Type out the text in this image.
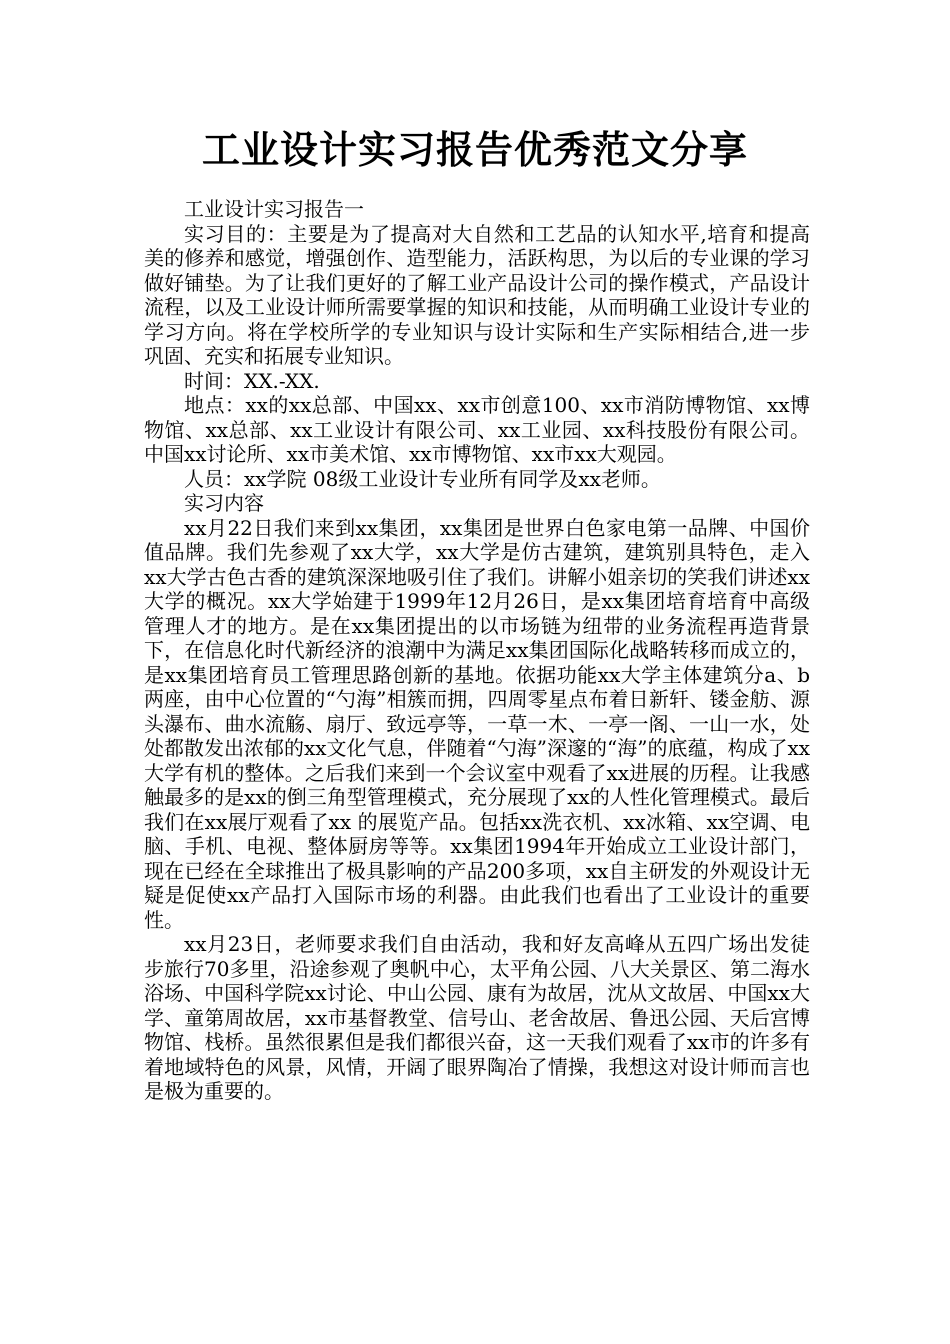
工业设计实习报告优秀范文分享

工业设计实习报告一

实习目的：主要是为了提高对大自然和工艺品的认知水平,培育和提高美的修养和感觉，增强创作、造型能力，活跃构思，为以后的专业课的学习做好铺垫。为了让我们更好的了解工业产品设计公司的操作模式，产品设计流程，以及工业设计师所需要掌握的知识和技能，从而明确工业设计专业的学习方向。将在学校所学的专业知识与设计实际和生产实际相结合,进一步巩固、充实和拓展专业知识。

时间：XX.-XX.

地点：xx的xx总部、中国xx、xx市创意100、xx市消防博物馆、xx博物馆、xx总部、xx工业设计有限公司、xx工业园、xx科技股份有限公司。中国xx讨论所、xx市美术馆、xx市博物馆、xx市xx大观园。

人员：xx学院 08级工业设计专业所有同学及xx老师。

实习内容

xx月22日我们来到xx集团，xx集团是世界白色家电第一品牌、中国价值品牌。我们先参观了xx大学，xx大学是仿古建筑，建筑别具特色，走入 xx大学古色古香的建筑深深地吸引住了我们。讲解小姐亲切的笑我们讲述xx大学的概况。xx大学始建于1999年12月26日，是xx集团培育培育中高级管理人才的地方。是在xx集团提出的以市场链为纽带的业务流程再造背景下，在信息化时代新经济的浪潮中为满足xx集团国际化战略转移而成立的，是xx集团培育员工管理思路创新的基地。依据功能xx大学主体建筑分a、b两座，由中心位置的“勺海”相簇而拥，四周零星点布着日新轩、镂金舫、源头瀑布、曲水流觞、扇厅、致远亭等，一草一木、一亭一阁、一山一水，处处都散发出浓郁的xx文化气息，伴随着“勺海”深邃的“海”的底蕴，构成了xx大学有机的整体。之后我们来到一个会议室中观看了xx进展的历程。让我感触最多的是xx的倒三角型管理模式，充分展现了xx的人性化管理模式。最后我们在xx展厅观看了xx 的展览产品。包括xx洗衣机、xx冰箱、xx空调、电脑、手机、电视、整体厨房等等。xx集团1994年开始成立工业设计部门，现在已经在全球推出了极具影响的产品200多项，xx自主研发的外观设计无疑是促使xx产品打入国际市场的利器。由此我们也看出了工业设计的重要性。

xx月23日，老师要求我们自由活动，我和好友高峰从五四广场出发徒步旅行70多里，沿途参观了奥帆中心，太平角公园、八大关景区、第二海水浴场、中国科学院xx讨论、中山公园、康有为故居，沈从文故居、中国xx大学、童第周故居，xx市基督教堂、信号山、老舍故居、鲁迅公园、天后宫博物馆、栈桥。虽然很累但是我们都很兴奋，这一天我们观看了xx市的许多有着地域特色的风景，风情，开阔了眼界陶冶了情操，我想这对设计师而言也是极为重要的。
